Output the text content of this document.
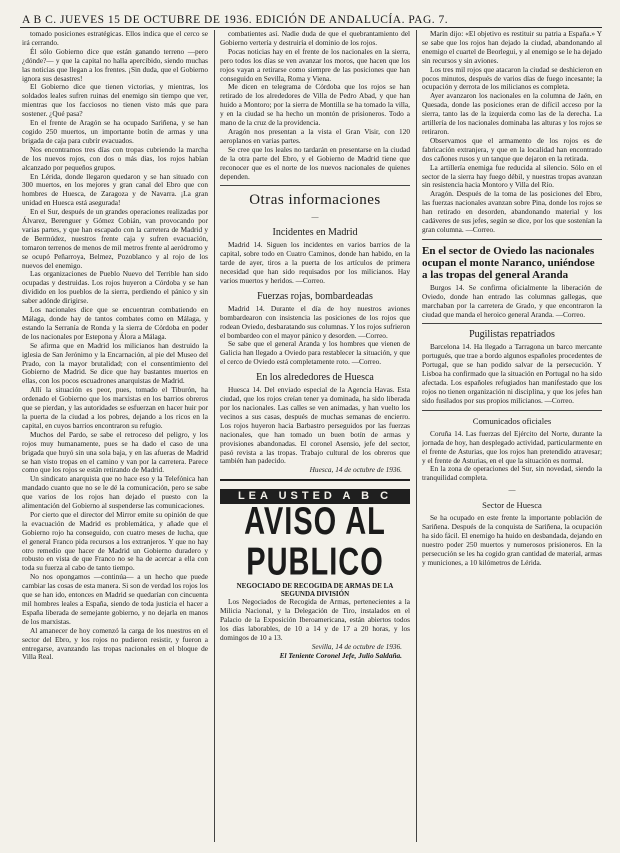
A B C. JUEVES 15 DE OCTUBRE DE 1936. EDICIÓN DE ANDALUCÍA. PAG. 7.

tomado posiciones estratégicas. Ellos indica que el cerco se irá cerrando.

Él sólo Gobierno dice que están ganando terreno —pero ¿dónde?— y que la capital no halla apercibido, siendo muchas las noticias que llegan a los frentes. ¡Sin duda, que el Gobierno ignora sus desastres!

El Gobierno dice que tienen victorias, y mientras, los soldados leales sufren ruinas del enemigo sin tiempo que ver, mientras que los facciosos no tienen visto más que para sostener. ¿Qué pasa?

En el frente de Aragón se ha ocupado Sariñena, y se han cogido 250 muertos, un importante botín de armas y una brigada de caja para cubrir evacuados.

Nos encontramos tres días con tropas cubriendo la marcha de los nuevos rojos, con dos o más días, los rojos habían alcanzado por pequeños grupos.

En Lérida, donde llegaron quedaron y se han situado con 300 muertos, en los mejores y gran canal del Ebro que con hombres de Huesca, de Zaragoza y de Navarra. ¡La gran unidad en Huesca está asegurada!

En el Sur, después de un grandes operaciones realizadas por Álvarez, Berenguer y Gómez Cobián, van provocando por varias partes, y que han escapado con la carretera de Madrid y de Bermúdez, nuestros frente caja y sufren evacuación, tomaron terrenos de menos de mil metros frente al aeródromo y se ocupó Peñarroya, Belmez, Pozoblanco y al rojo de los nuevos del enemigo.

Las organizaciones de Pueblo Nuevo del Terrible han sido ocupadas y destruidas. Los rojos huyeron a Córdoba y se han dividido en los pueblos de la sierra, perdiendo el pánico y sin saber adónde dirigirse.

Los nacionales dice que se encuentran combatiendo en Málaga, donde hay de tantos combates como en Málaga, y estando la Serranía de Ronda y la sierra de Córdoba en poder de los nacionales por Estepona y Álora a Málaga.

Se afirma que en Madrid los milicianos han destruido la iglesia de San Jerónimo y la Encarnación, al pie del Museo del Prado, con la mayor brutalidad; con el consentimiento del Gobierno de Madrid. Se dice que hay bastantes muertos en ellas, con los pocos escuadrones anarquistas de Madrid.

Allí la situación es peor, pues, tomado el Tiburón, ha ordenado el Gobierno que los marxistas en los barrios obreros que se pierdan, y las autoridades se esfuerzan en hacer huir por la puerta de la ciudad a los pobres, dejando a los ricos en la capital, en cuyos barrios encontraron su refugio.

Muchos del Pardo, se sabe el retroceso del peligro, y los rojos muy humanamente, pues se ha dado el caso de una brigada que huyó sin una sola baja, y en las afueras de Madrid se han visto tropas en el camino y van por la carretera. Parece como que los rojos se están retirando de Madrid.

Un sindicato anarquista que no hace eso y la Telefónica han mandado cuanto que no se le dé la comunicación, pero se sabe que varios de los rojos han dejado el puesto con la alimentación del Gobierno al suspenderse las comunicaciones.

Por cierto que el director del Mirror emite su opinión de que la evacuación de Madrid es problemática, y añade que el Gobierno rojo ha conseguido, con cuatro meses de lucha, que el general Franco pida recursos a los extranjeros. Y que no hay otro remedio que hacer de Madrid un Gobierno duradero y robusto en vista de que Franco no se ha de acercar a ella con toda su fuerza al cabo de tanto tiempo.

No nos opongamos —continúa— a un hecho que puede cambiar las cosas de esta manera. Si son de verdad los rojos los que se han ido, entonces en Madrid se quedarían con cincuenta mil hombres leales a España, siendo de toda justicia el hacer a España liberada de semejante gobierno, y no dejarla en manos de los marxistas.

Al amanecer de hoy comenzó la carga de los nuestros en el sector del Ebro, y los rojos no pudieron resistir, y fueron a entregarse, avanzando las tropas nacionales en el bloque de Villa Real.

combatientes así. Nadie duda de que el quebrantamiento del Gobierno vertería y destruiría el dominio de los rojos.

Pocas noticias hay en el frente de los nacionales en la sierra, pero todos los días se ven avanzar los moros, que hacen que los rojos vayan a retirarse como siempre de las posiciones que han conseguido en Sevilla, Roma y Viena.

Me dicen en telegrama de Córdoba que los rojos se han retirado de los alrededores de Villa de Pedro Abad, y que han huido a Montoro; por la sierra de Montilla se ha tomado la villa, y en la ciudad se ha hecho un montón de prisioneros. Todo a mano de la cruz de la providencia.

Aragón nos presentan a la vista el Gran Visir, con 120 aeroplanos en varias partes.

Se cree que los leales no tardarán en presentarse en la ciudad de la otra parte del Ebro, y el Gobierno de Madrid tiene que reconocer que es el norte de los nuevos nacionales de quienes dependen.

Otras informaciones
—
Incidentes en Madrid

Madrid 14. Siguen los incidentes en varios barrios de la capital, sobre todo en Cuatro Caminos, donde han habido, en la tarde de ayer, tiros a la puerta de los artículos de primera necesidad que han sido requisados por los milicianos. Hay varios muertos y heridos. —Correo.

Fuerzas rojas, bombardeadas

Madrid 14. Durante el día de hoy nuestros aviones bombardearon con insistencia las posiciones de los rojos que rodean Oviedo, desbaratando sus columnas. Y los rojos sufrieron el bombardeo con el mayor pánico y desorden. —Correo.

Se sabe que el general Aranda y los hombres que vienen de Galicia han llegado a Oviedo para restablecer la situación, y que el cerco de Oviedo está completamente roto. —Correo.

En los alrededores de Huesca

Huesca 14. Del enviado especial de la Agencia Havas. Esta ciudad, que los rojos creían tener ya dominada, ha sido liberada por los nacionales. Las calles se ven animadas, y han vuelto los vecinos a sus casas, después de muchas semanas de encierro. Los rojos huyeron hacia Barbastro perseguidos por las fuerzas nacionales, que han tomado un buen botín de armas y provisiones abandonadas. El coronel Asensio, jefe del sector, pasó revista a las tropas. Trabajo cultural de los obreros que también han padecido.

Huesca, 14 de octubre de 1936.
LEA USTED A B C
AVISO AL PUBLICO
NEGOCIADO DE RECOGIDA DE ARMAS DE LA SEGUNDA DIVISIÓN

Los Negociados de Recogida de Armas, pertenecientes a la Milicia Nacional, y la Delegación de Tiro, instalados en el Palacio de la Exposición Iberoamericana, están abiertos todos los días laborables, de 10 a 14 y de 17 a 20 horas, y los domingos de 10 a 13.

Sevilla, 14 de octubre de 1936.
El Teniente Coronel Jefe, Julio Saldaña.

Marín dijo: «El objetivo es restituir su patria a España.» Y se sabe que los rojos han dejado la ciudad, abandonando al enemigo el cuartel de Beorlegui, y al enemigo se le ha dejado sin recursos y sin aviones.

Los tres mil rojos que atacaron la ciudad se deshicieron en pocos minutos, después de varios días de fuego incesante; la ocupación y derrota de los milicianos es completa.

Ayer avanzaron los nacionales en la columna de Jaén, en Quesada, donde las posiciones eran de difícil acceso por la sierra, tanto las de la izquierda como las de la derecha. La artillería de los nacionales dominaba las alturas y los rojos se retiraron.

Observamos que el armamento de los rojos es de fabricación extranjera, y que en la localidad han encontrado dos cañones rusos y un tanque que dejaron en la retirada.

La artillería enemiga fue reducida al silencio. Sólo en el sector de la sierra hay fuego débil, y nuestras tropas avanzan sin resistencia hacia Montoro y Villa del Río.

Aragón. Después de la toma de las posiciones del Ebro, las fuerzas nacionales avanzan sobre Pina, donde los rojos se han retirado en desorden, abandonando material y los cadáveres de sus jefes, según se dice, por los que sostenían la gran columna. —Correo.

En el sector de Oviedo las nacionales ocupan el monte Naranco, uniéndose a las tropas del general Aranda

Burgos 14. Se confirma oficialmente la liberación de Oviedo, donde han entrado las columnas gallegas, que marchaban por la carretera de Grado, y que encontraron la ciudad que manda el heroico general Aranda. —Correo.

Pugilistas repatriados

Barcelona 14. Ha llegado a Tarragona un barco mercante portugués, que trae a bordo algunos españoles procedentes de Portugal, que se han podido salvar de la persecución. Y Lisboa ha confirmado que la situación en Portugal no ha sido afectada. Los españoles refugiados han manifestado que los rojos no tienen organización ni disciplina, y que los jefes han sido fusilados por sus propios milicianos. —Correo.

Comunicados oficiales

Coruña 14. Las fuerzas del Ejército del Norte, durante la jornada de hoy, han desplegado actividad, particularmente en el frente de Asturias, que los rojos han pretendido atravesar; y el frente de Asturias, en el que la situación es normal.

En la zona de operaciones del Sur, sin novedad, siendo la tranquilidad completa.

—
Sector de Huesca

Se ha ocupado en este frente la importante población de Sariñena. Después de la conquista de Sariñena, la ocupación ha sido fácil. El enemigo ha huido en desbandada, dejando en nuestro poder 250 muertos y numerosos prisioneros. En la persecución se les ha cogido gran cantidad de material, armas y municiones, a 10 kilómetros de Lérida.
